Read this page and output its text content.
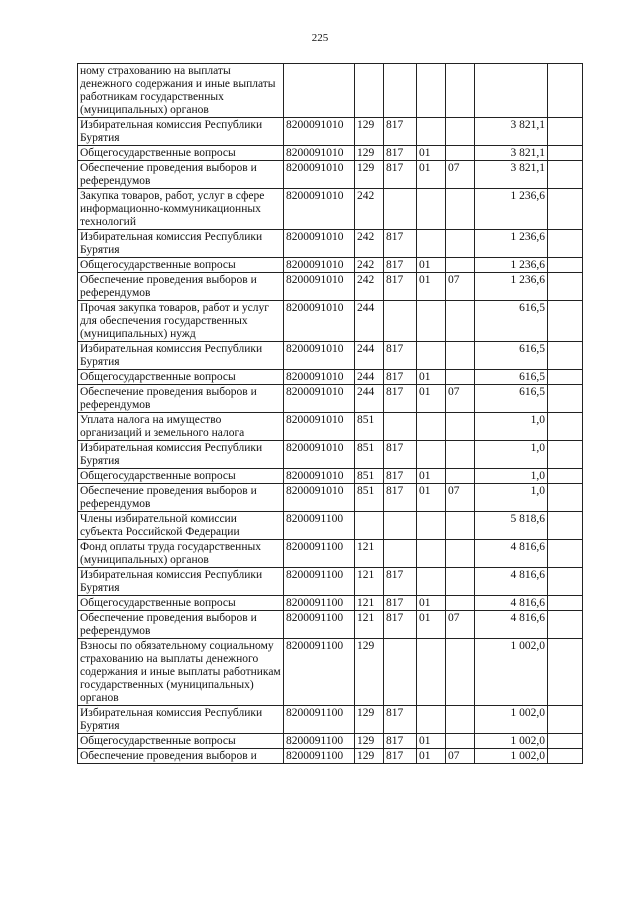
225
ному страхованию на выплаты денежного содержания и иные выплаты работникам государственных (муниципальных) органов							
Избирательная комиссия Республики Бурятия	8200091010	129	817			3 821,1	
Общегосударственные вопросы	8200091010	129	817	01		3 821,1	
Обеспечение проведения выборов и референдумов	8200091010	129	817	01	07	3 821,1	
Закупка товаров, работ, услуг в сфере информационно-коммуникационных технологий	8200091010	242				1 236,6	
Избирательная комиссия Республики Бурятия	8200091010	242	817			1 236,6	
Общегосударственные вопросы	8200091010	242	817	01		1 236,6	
Обеспечение проведения выборов и референдумов	8200091010	242	817	01	07	1 236,6	
Прочая закупка товаров, работ и услуг для обеспечения государственных (муниципальных) нужд	8200091010	244				616,5	
Избирательная комиссия Республики Бурятия	8200091010	244	817			616,5	
Общегосударственные вопросы	8200091010	244	817	01		616,5	
Обеспечение проведения выборов и референдумов	8200091010	244	817	01	07	616,5	
Уплата налога на имущество организаций и земельного налога	8200091010	851				1,0	
Избирательная комиссия Республики Бурятия	8200091010	851	817			1,0	
Общегосударственные вопросы	8200091010	851	817	01		1,0	
Обеспечение проведения выборов и референдумов	8200091010	851	817	01	07	1,0	
Члены избирательной комиссии субъекта Российской Федерации	8200091100					5 818,6	
Фонд оплаты труда государственных (муниципальных) органов	8200091100	121				4 816,6	
Избирательная комиссия Республики Бурятия	8200091100	121	817			4 816,6	
Общегосударственные вопросы	8200091100	121	817	01		4 816,6	
Обеспечение проведения выборов и референдумов	8200091100	121	817	01	07	4 816,6	
Взносы по обязательному социальному страхованию на выплаты денежного содержания и иные выплаты работникам государственных (муниципальных) органов	8200091100	129				1 002,0	
Избирательная комиссия Республики Бурятия	8200091100	129	817			1 002,0	
Общегосударственные вопросы	8200091100	129	817	01		1 002,0	
Обеспечение проведения выборов и	8200091100	129	817	01	07	1 002,0	
